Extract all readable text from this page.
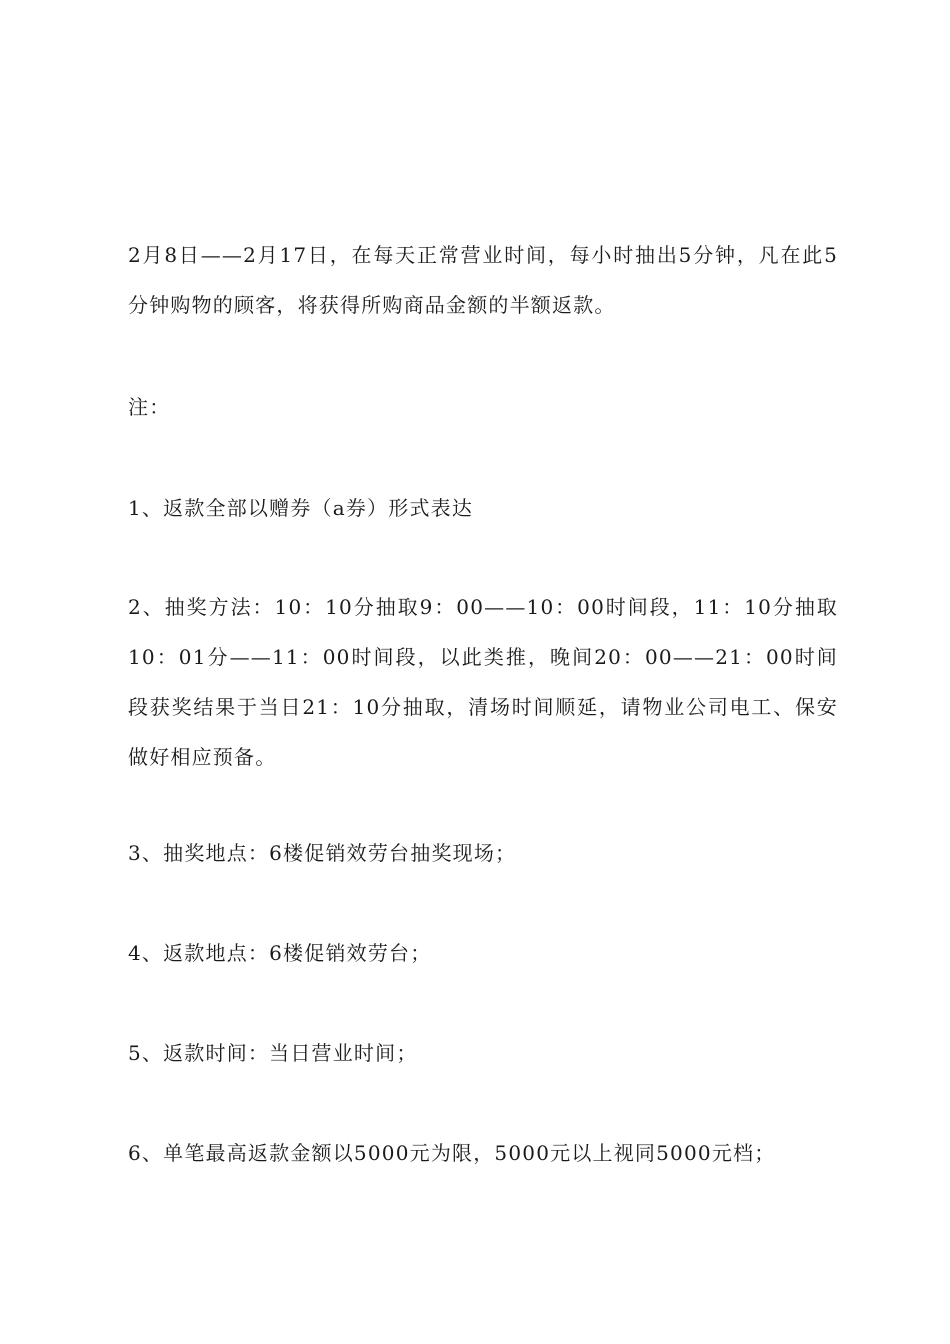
2月8日——2月17日，在每天正常营业时间，每小时抽出5分钟，凡在此5分钟购物的顾客，将获得所购商品金额的半额返款。

注：

1、返款全部以赠券（a券）形式表达

2、抽奖方法：10：10分抽取9：00——10：00时间段，11：10分抽取10：01分——11：00时间段，以此类推，晚间20：00——21：00时间段获奖结果于当日21：10分抽取，清场时间顺延，请物业公司电工、保安做好相应预备。

3、抽奖地点：6楼促销效劳台抽奖现场；

4、返款地点：6楼促销效劳台；

5、返款时间：当日营业时间；

6、单笔最高返款金额以5000元为限，5000元以上视同5000元档；
